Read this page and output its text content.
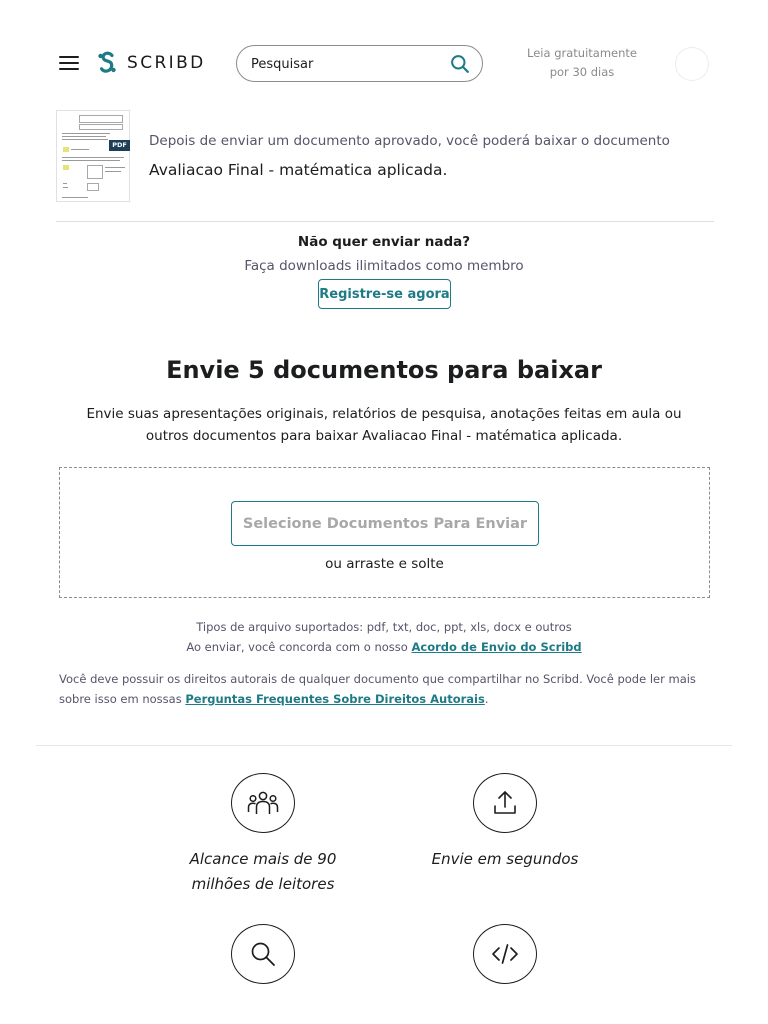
SCRIBD
Pesquisar	Leia gratuitamente
por 30 dias
PDF Depois de enviar um documento aprovado, você poderá baixar o documento
Avaliacao Final - matématica aplicada.
Não quer enviar nada?
Faça downloads ilimitados como membro
Registre-se agora
Envie 5 documentos para baixar
Envie suas apresentações originais, relatórios de pesquisa, anotações feitas em aula ou outros documentos para baixar Avaliacao Final - matématica aplicada.
Selecione Documentos Para Enviar
ou arraste e solte
Tipos de arquivo suportados: pdf, txt, doc, ppt, xls, docx e outros
Ao enviar, você concorda com o nosso Acordo de Envio do Scribd
Você deve possuir os direitos autorais de qualquer documento que compartilhar no Scribd. Você pode ler mais sobre isso em nossas Perguntas Frequentes Sobre Direitos Autorais.
Alcance mais de 90
milhões de leitores
Envie em segundos
